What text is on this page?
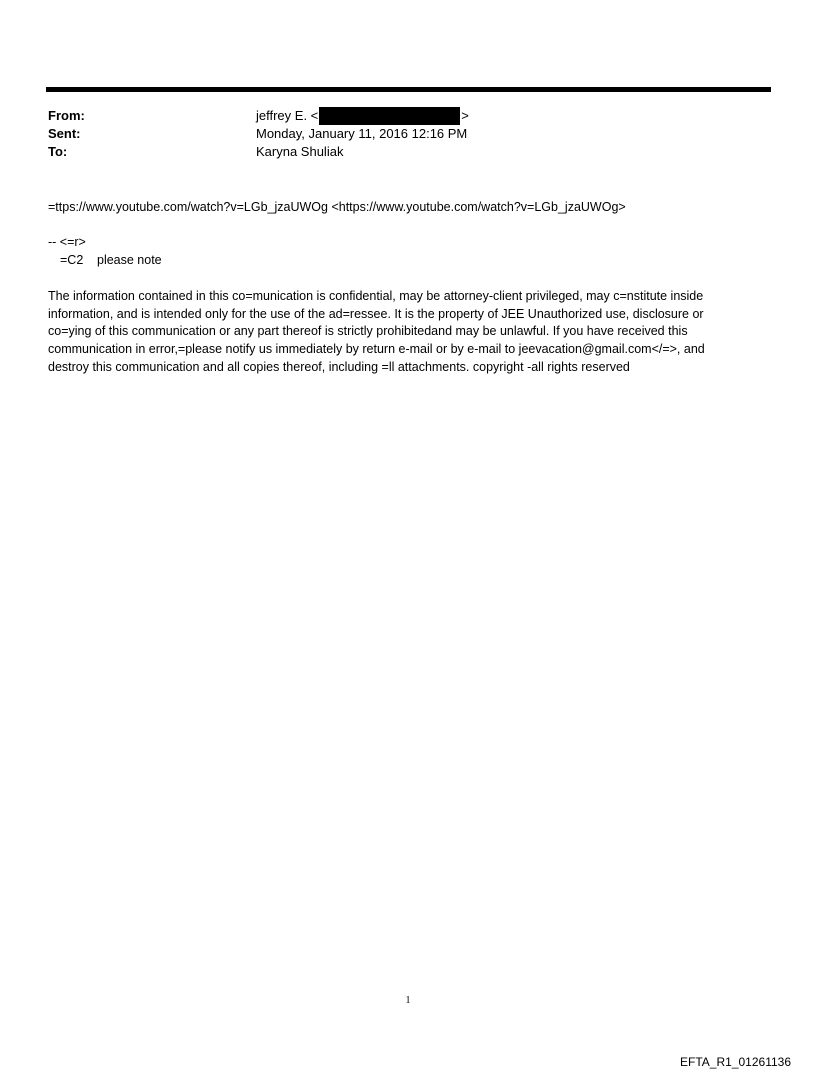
From:	jeffrey E. <	>
Sent:	Monday, January 11, 2016 12:16 PM
To:	Karyna Shuliak
=ttps://www.youtube.com/watch?v=LGb_jzaUWOg <https://www.youtube.com/watch?v=LGb_jzaUWOg>
-- <=r>
=C2 please note
The information contained in this co=munication is confidential, may be attorney-client privileged, may c=nstitute inside
information, and is intended only for the use of the ad=ressee. It is the property of JEE Unauthorized use, disclosure or
co=ying of this communication or any part thereof is strictly prohibitedand may be unlawful. If you have received this
communication in error,=please notify us immediately by return e-mail or by e-mail to jeevacation@gmail.com</=>, and
destroy this communication and all copies thereof, including =ll attachments. copyright -all rights reserved
1
EFTA_R1_01261136
